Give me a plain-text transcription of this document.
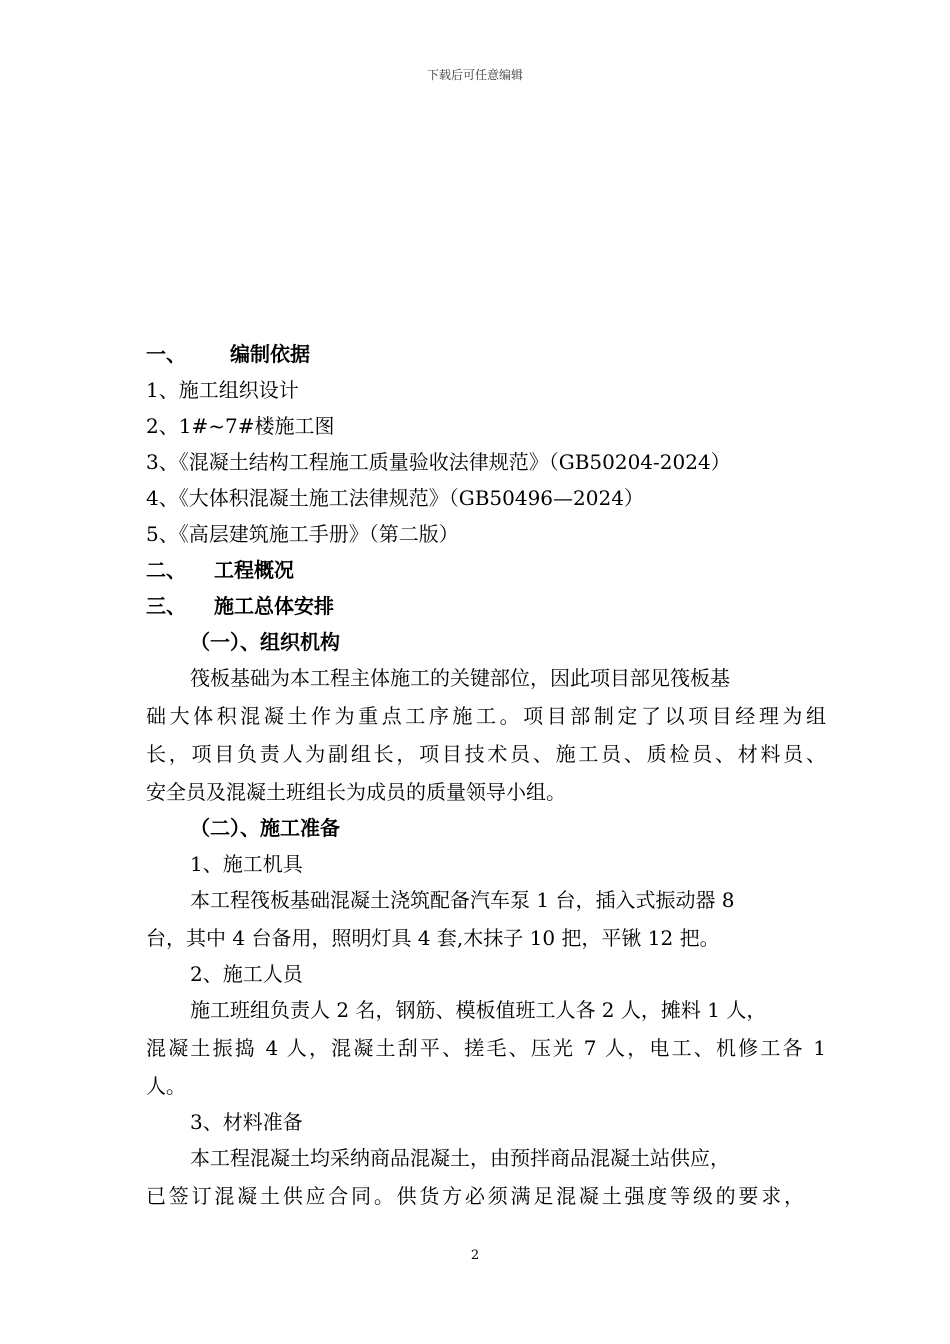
下载后可任意编辑
一、 编制依据
1、施工组织设计
2、1#~7#楼施工图
3、《混凝土结构工程施工质量验收法律规范》（GB50204-2024）
4、《大体积混凝土施工法律规范》（GB50496—2024）
5、《高层建筑施工手册》（第二版）
二、 工程概况
三、 施工总体安排
（一）、组织机构
筏板基础为本工程主体施工的关键部位，因此项目部见筏板基
础大体积混凝土作为重点工序施工。项目部制定了以项目经理为组
长，项目负责人为副组长，项目技术员、施工员、质检员、材料员、
安全员及混凝土班组长为成员的质量领导小组。
（二）、施工准备
1、施工机具
本工程筏板基础混凝土浇筑配备汽车泵 1 台，插入式振动器 8
台，其中 4 台备用，照明灯具 4 套,木抹子 10 把，平锹 12 把。
2、施工人员
施工班组负责人 2 名，钢筋、模板值班工人各 2 人，摊料 1 人，
混凝土振捣 4 人，混凝土刮平、搓毛、压光 7 人，电工、机修工各 1
人。
3、材料准备
本工程混凝土均采纳商品混凝土，由预拌商品混凝土站供应，
已签订混凝土供应合同。供货方必须满足混凝土强度等级的要求，
2
